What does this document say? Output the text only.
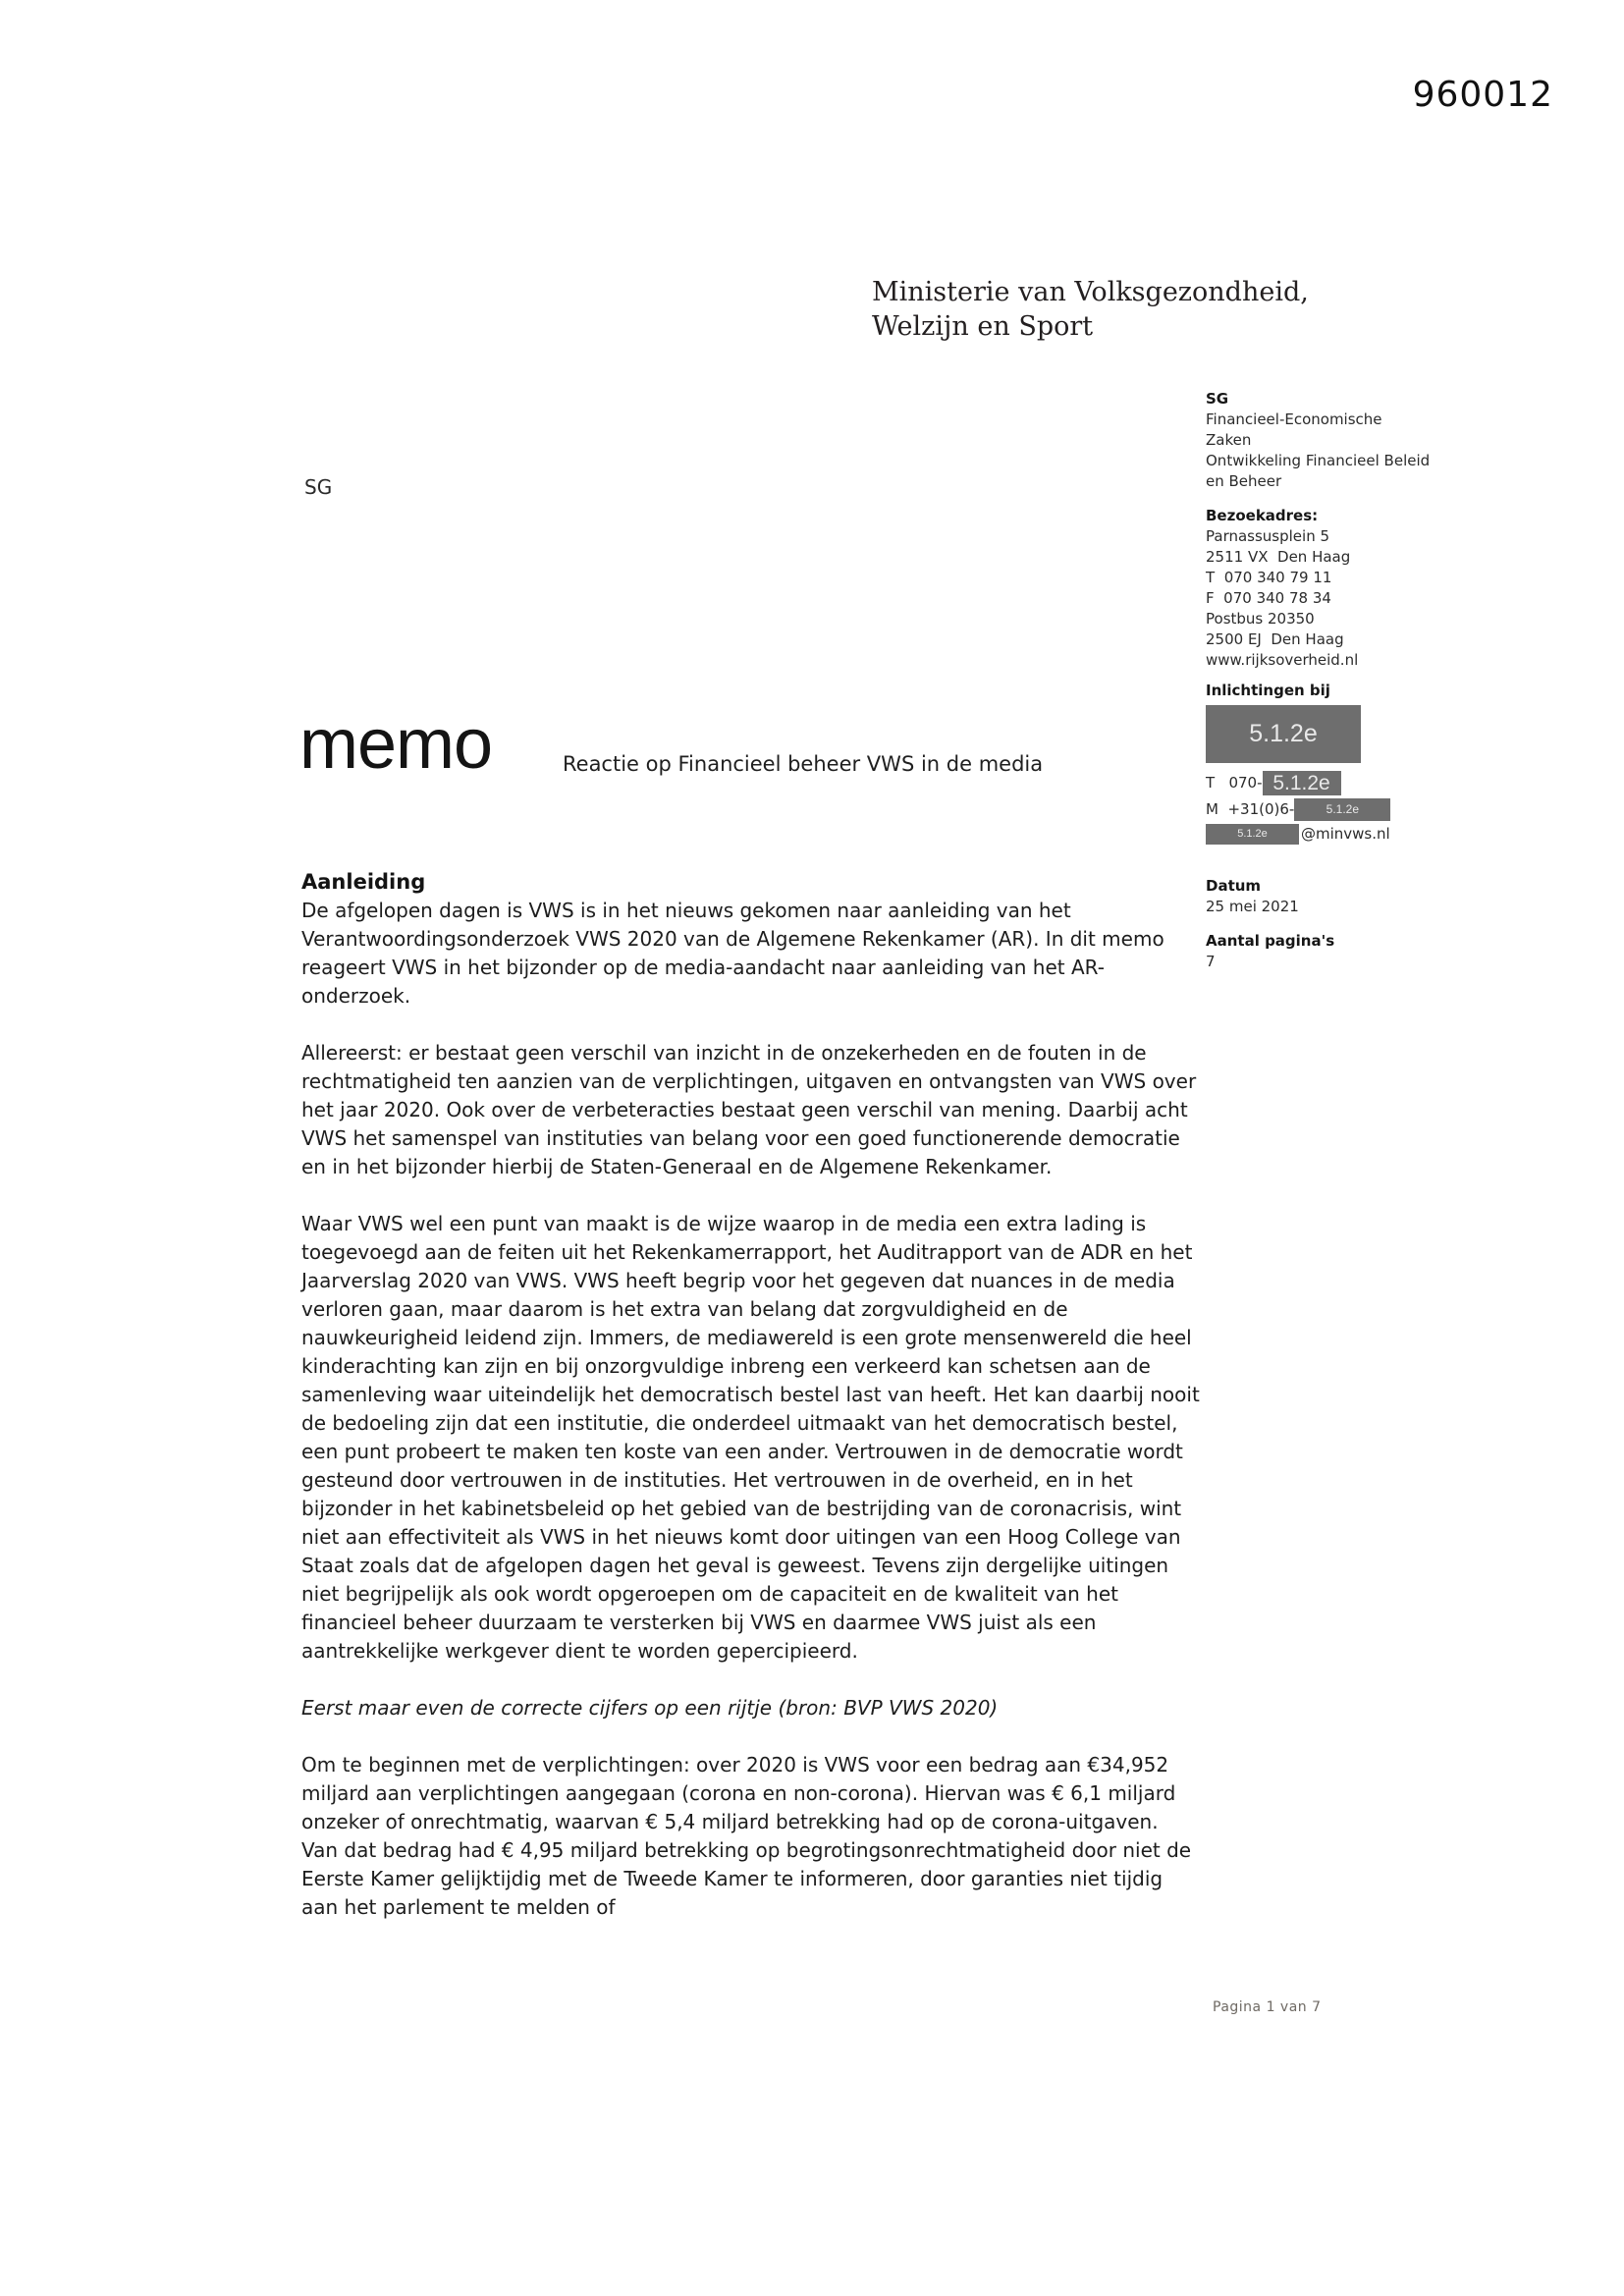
960012
Ministerie van Volksgezondheid,
Welzijn en Sport
SG
memo	Reactie op Financieel beheer VWS in de media
SG
Financieel-Economische
Zaken
Ontwikkeling Financieel Beleid
en Beheer
Bezoekadres:
Parnassusplein 5
2511 VX  Den Haag
T  070 340 79 11
F  070 340 78 34
Postbus 20350
2500 EJ  Den Haag
www.rijksoverheid.nl
Inlichtingen bij
5.1.2e
T   070- 5.1.2e
M  +31(0)6-	5.1.2e
5.1.2e @minvws.nl
Datum
25 mei 2021
Aantal pagina's
7
Aanleiding

De afgelopen dagen is VWS is in het nieuws gekomen naar aanleiding van het Verantwoordingsonderzoek VWS 2020 van de Algemene Rekenkamer (AR). In dit memo reageert VWS in het bijzonder op de media-aandacht naar aanleiding van het AR-onderzoek.

Allereerst: er bestaat geen verschil van inzicht in de onzekerheden en de fouten in de rechtmatigheid ten aanzien van de verplichtingen, uitgaven en ontvangsten van VWS over het jaar 2020. Ook over de verbeteracties bestaat geen verschil van mening. Daarbij acht VWS het samenspel van instituties van belang voor een goed functionerende democratie en in het bijzonder hierbij de Staten-Generaal en de Algemene Rekenkamer.

Waar VWS wel een punt van maakt is de wijze waarop in de media een extra lading is toegevoegd aan de feiten uit het Rekenkamerrapport, het Auditrapport van de ADR en het Jaarverslag 2020 van VWS. VWS heeft begrip voor het gegeven dat nuances in de media verloren gaan, maar daarom is het extra van belang dat zorgvuldigheid en de nauwkeurigheid leidend zijn. Immers, de mediawereld is een grote mensenwereld die heel kinderachting kan zijn en bij onzorgvuldige inbreng een verkeerd kan schetsen aan de samenleving waar uiteindelijk het democratisch bestel last van heeft. Het kan daarbij nooit de bedoeling zijn dat een institutie, die onderdeel uitmaakt van het democratisch bestel, een punt probeert te maken ten koste van een ander. Vertrouwen in de democratie wordt gesteund door vertrouwen in de instituties. Het vertrouwen in de overheid, en in het bijzonder in het kabinetsbeleid op het gebied van de bestrijding van de coronacrisis, wint niet aan effectiviteit als VWS in het nieuws komt door uitingen van een Hoog College van Staat zoals dat de afgelopen dagen het geval is geweest. Tevens zijn dergelijke uitingen niet begrijpelijk als ook wordt opgeroepen om de capaciteit en de kwaliteit van het financieel beheer duurzaam te versterken bij VWS en daarmee VWS juist als een aantrekkelijke werkgever dient te worden gepercipieerd.

Eerst maar even de correcte cijfers op een rijtje (bron: BVP VWS 2020)

Om te beginnen met de verplichtingen: over 2020 is VWS voor een bedrag aan €34,952 miljard aan verplichtingen aangegaan (corona en non-corona). Hiervan was € 6,1 miljard onzeker of onrechtmatig, waarvan € 5,4 miljard betrekking had op de corona-uitgaven. Van dat bedrag had € 4,95 miljard betrekking op begrotingsonrechtmatigheid door niet de Eerste Kamer gelijktijdig met de Tweede Kamer te informeren, door garanties niet tijdig aan het parlement te melden of

Pagina 1 van 7
